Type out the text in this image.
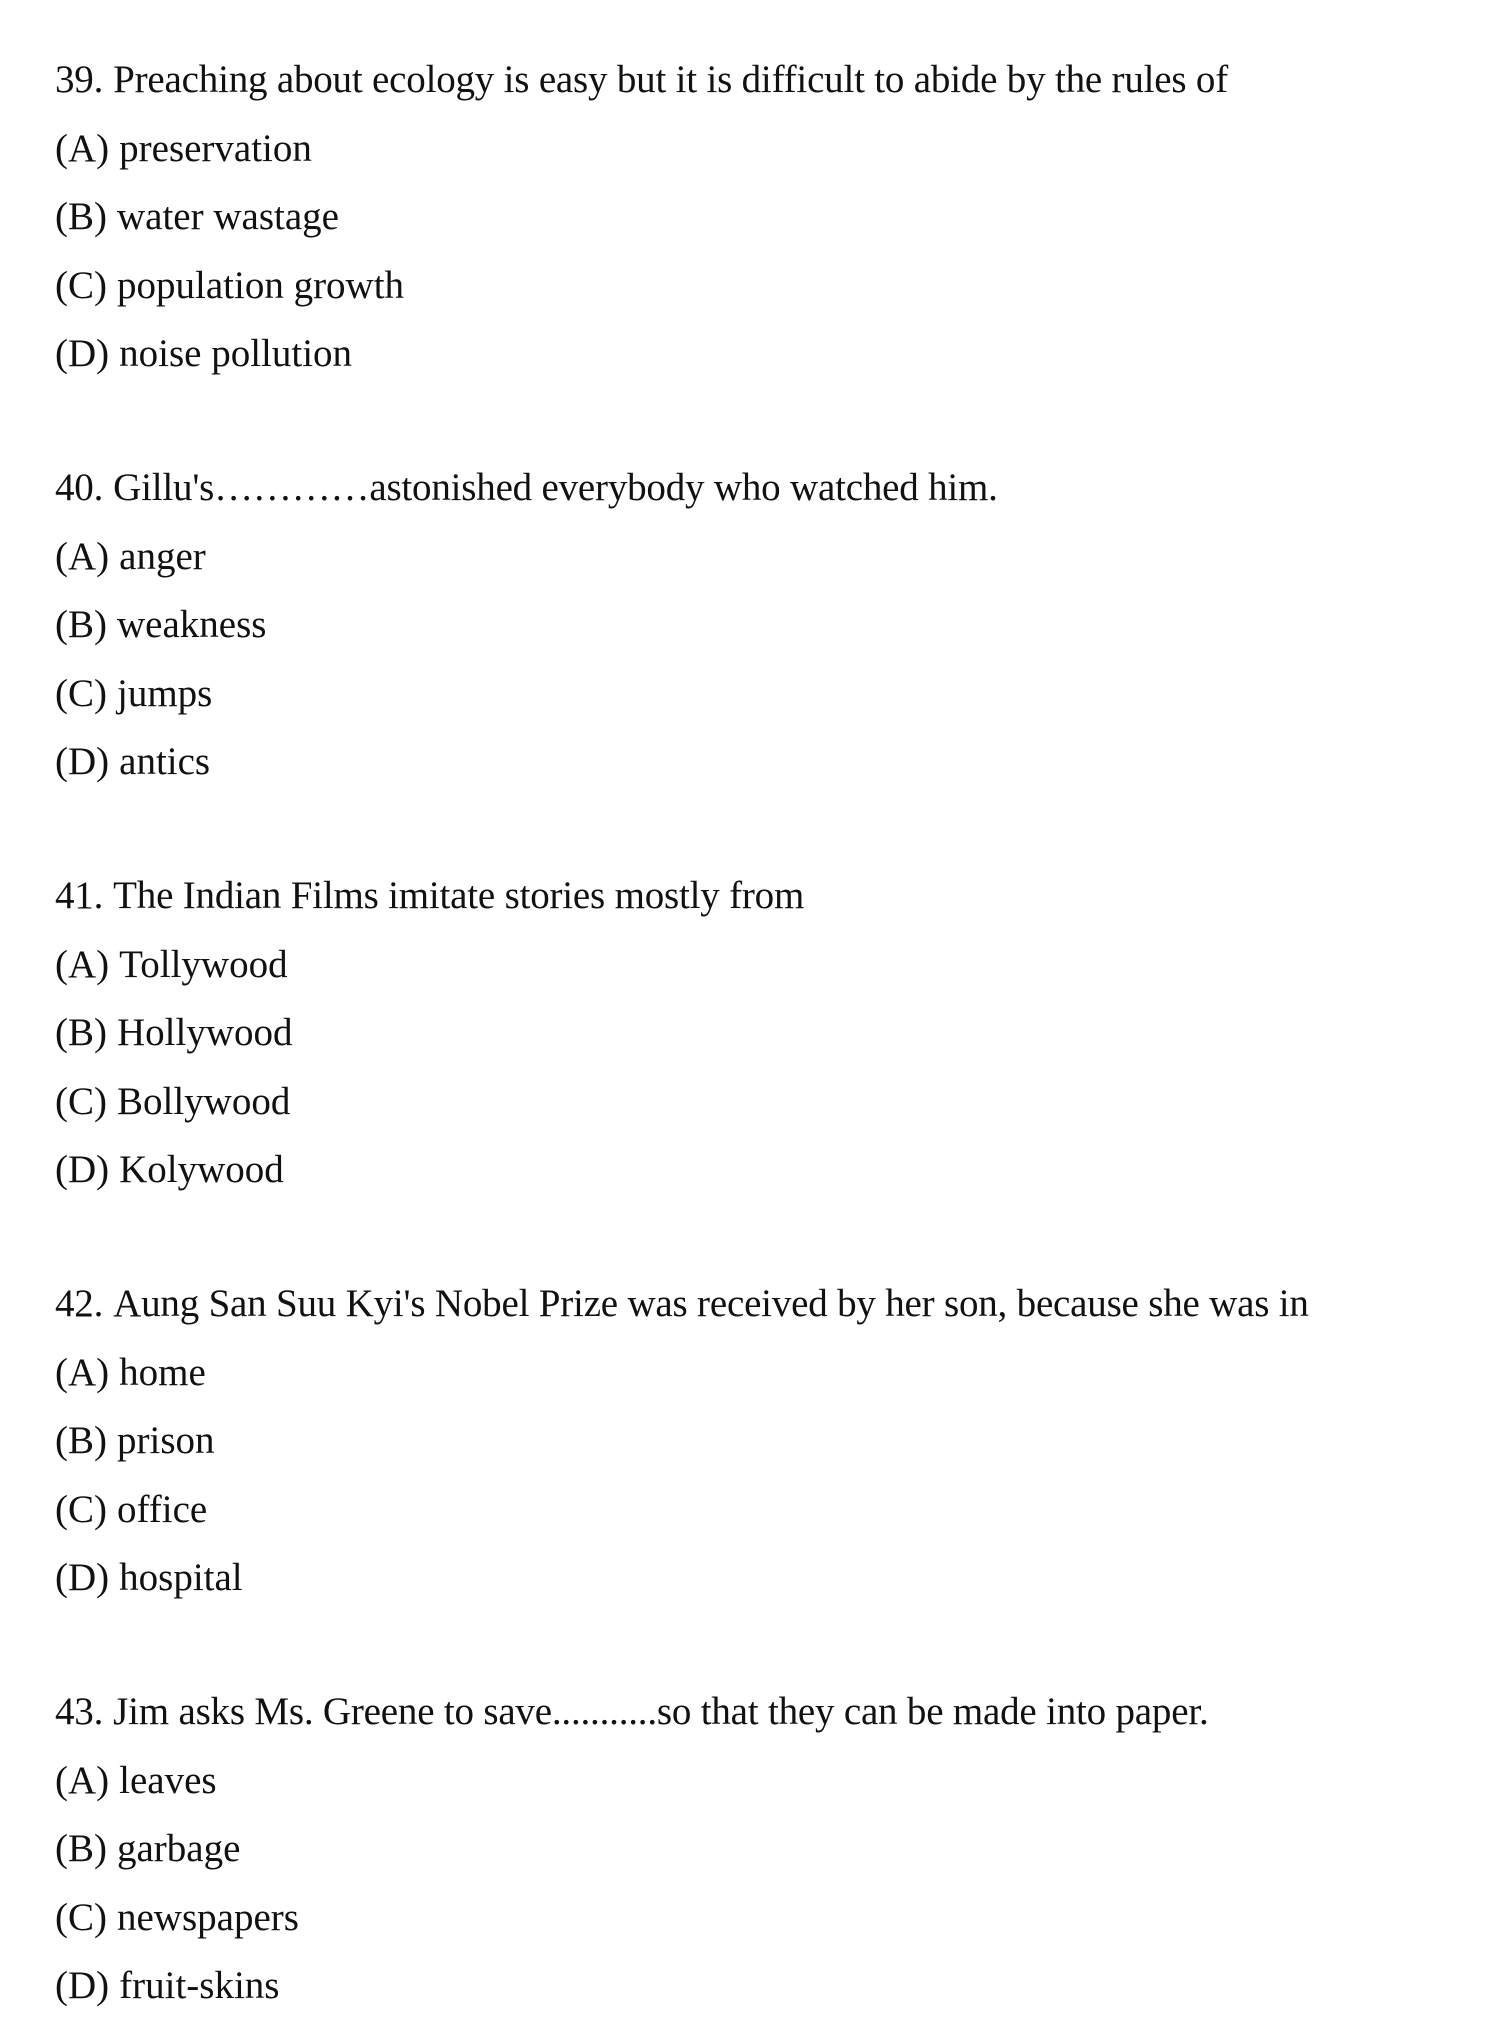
39. Preaching about ecology is easy but it is difficult to abide by the rules of
(A) preservation
(B) water wastage
(C) population growth
(D) noise pollution
40. Gillu's…………astonished everybody who watched him.
(A) anger
(B) weakness
(C) jumps
(D) antics
41. The Indian Films imitate stories mostly from
(A) Tollywood
(B) Hollywood
(C) Bollywood
(D) Kolywood
42. Aung San Suu Kyi's Nobel Prize was received by her son, because she was in
(A) home
(B) prison
(C) office
(D) hospital
43. Jim asks Ms. Greene to save...........so that they can be made into paper.
(A) leaves
(B) garbage
(C) newspapers
(D) fruit-skins
